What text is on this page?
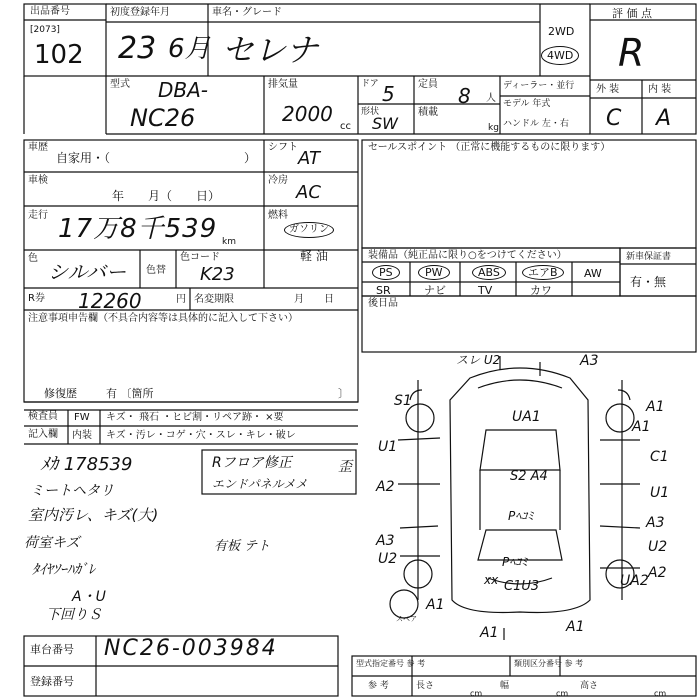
出品番号
[2073]
102
初度登録年月
23 6月
車名・グレード
セレナ	2WD
4WD
評 価 点
R
型式 DBA-
NC26
排気量
2000
cc
ドア 5
形状
SW
定員 8 人
積載
kg
ディーラー・並行
モデル 年式
ハンドル 左・右
外 装	内 装
C A
車歴
自家用・（	）
シフト
AT
車検
年　　月（　　日）
冷房
AC
走行 17万8千539 km
燃料
ガソリン
軽 油
色
シルバー 色替
色コード
K23
R券 12260	円 名変期限	月　　日
セールスポイント （正常に機能するものに限ります）
装備品（純正品に限り○をつけてください）
PS	PW	ABS	エアB	AW
SR	ナビ	TV	カワ
新車保証書
有・無
後日品
注意事項申告欄（不具合内容等は具体的に記入して下さい）
修復歴	有 〔箇所	〕
検査員
記入欄
FW キズ・ 飛石 ・ヒビ割・リペア跡・ ×要
内装 キズ・汚レ・コゲ・穴・スレ・キレ・破レ
ﾒｶ 178539
ミートヘタリ
室内汚レ、キズ(大)
荷室キズ
ﾀｲﾔｿｰﾊｶﾞﾚ
A・U
下回りＳ
有板 テト
Rフロア修正
エンドパネルメメ
歪
スレ U2	A3
S1
UA1
A1
A1
U1
C1
A2
S2 A4
U1
Pﾍｺﾐ	A3
A3
U2
U2
Pﾍｺﾐ
A2
xx C1U3	UA2
A1
A1	A1
スペア
車台番号 NC26-003984
登録番号
型式指定番号 参 考	類別区分番号 参 考
長さ
cm
幅
cm
高さ
cm
参 考
